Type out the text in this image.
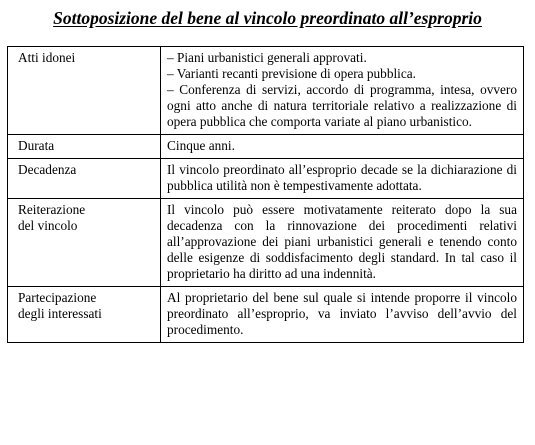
Sottoposizione del bene al vincolo preordinato all’esproprio
Atti idonei	– Piani urbanistici generali approvati.
– Varianti recanti previsione di opera pubblica.
– Conferenza di servizi, accordo di programma, intesa, ovvero ogni atto anche di natura territoriale relativo a realizzazione di opera pubblica che comporta variate al piano urbanistico.

Durata	Cinque anni.

Decadenza	Il vincolo preordinato all’esproprio decade se la dichiarazione di pubblica utilità non è tempestivamente adottata.

Reiterazione
del vincolo	Il vincolo può essere motivatamente reiterato dopo la sua decadenza con la rinnovazione dei procedimenti relativi all’approvazione dei piani urbanistici generali e tenendo conto delle esigenze di soddisfacimento degli standard. In tal caso il proprietario ha diritto ad una indennità.

Partecipazione
degli interessati	Al proprietario del bene sul quale si intende proporre il vincolo preordinato all’esproprio, va inviato l’avviso dell’avvio del procedimento.
